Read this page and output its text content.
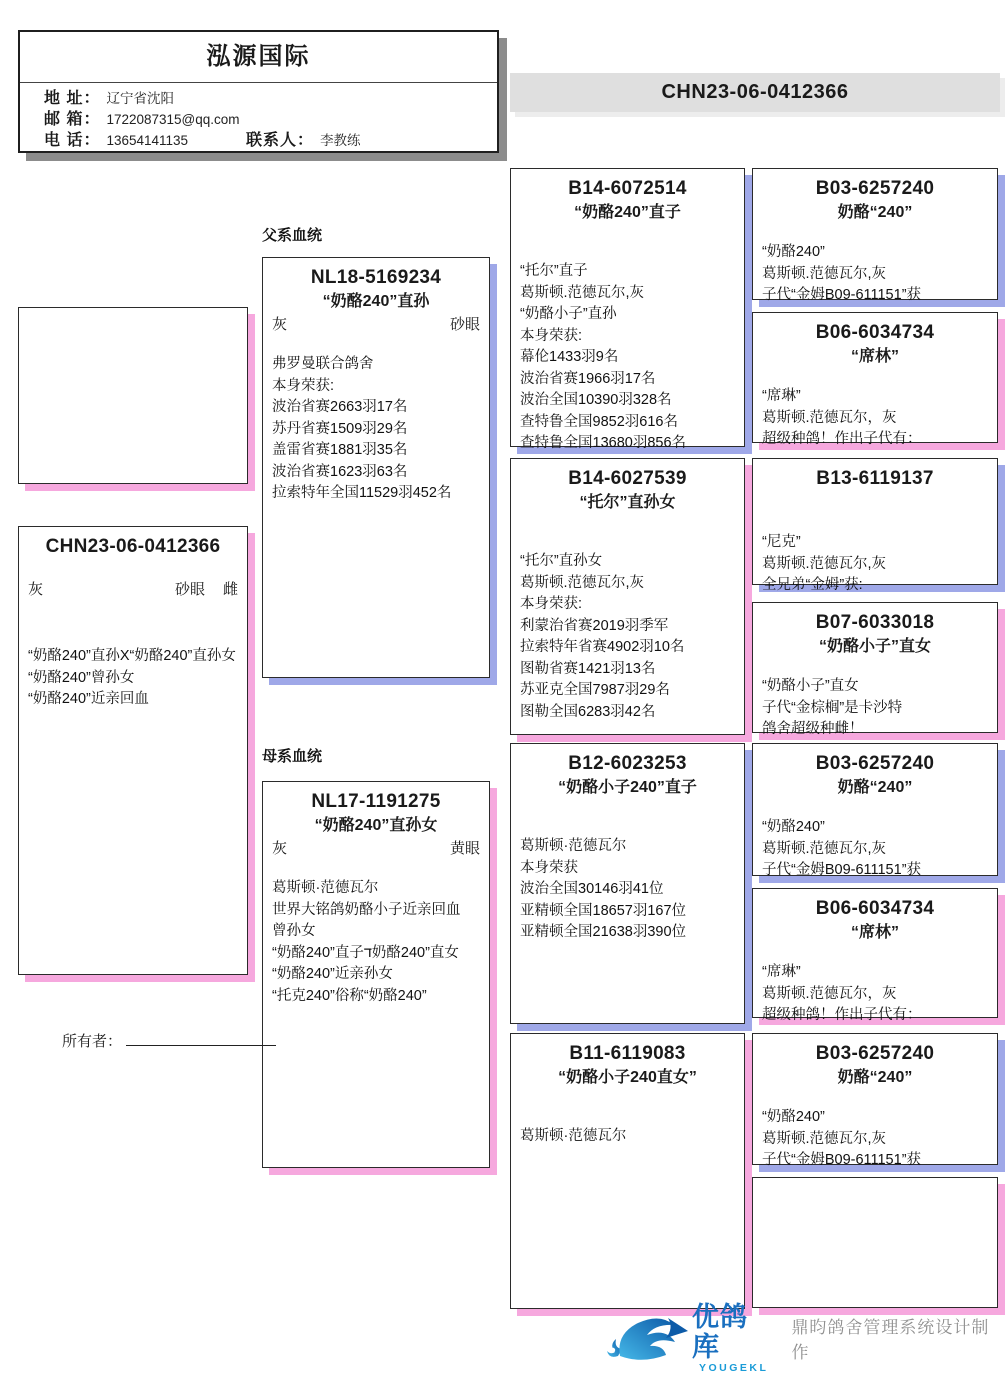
泓源国际
地 址： 辽宁省沈阳
邮 箱： 1722087315@qq.com
电 话： 13654141135	联系人： 李教练
CHN23-06-0412366
CHN23-06-0412366
灰	砂眼 雌
“奶酪240”直孙X“奶酪240”直孙女
“奶酪240”曾孙女
“奶酪240”近亲回血
父系血统
NL18-5169234
“奶酪240”直孙
灰	砂眼
弗罗曼联合鸽舍
本身荣获:
波治省赛2663羽17名
苏丹省赛1509羽29名
盖雷省赛1881羽35名
波治省赛1623羽63名
拉索特年全国11529羽452名
母系血统
NL17-1191275
“奶酪240”直孙女
灰	黄眼
葛斯顿·范德瓦尔
世界大铭鸽奶酪小子近亲回血
曾孙女
“奶酪240”直子ד奶酪240”直女
“奶酪240”近亲孙女
“托克240”俗称“奶酪240”
所有者：
B14-6072514
“奶酪240”直子
“托尔”直子
葛斯顿.范德瓦尔,灰
“奶酪小子”直孙
本身荣获:
幕伦1433羽9名
波治省赛1966羽17名
波治全国10390羽328名
查特鲁全国9852羽616名
查特鲁全国13680羽856名
B14-6027539
“托尔”直孙女
“托尔”直孙女
葛斯顿.范德瓦尔,灰
本身荣获:
利蒙治省赛2019羽季军
拉索特年省赛4902羽10名
图勒省赛1421羽13名
苏亚克全国7987羽29名
图勒全国6283羽42名
B12-6023253
“奶酪小子240”直子
葛斯顿·范德瓦尔
本身荣获
波治全国30146羽41位
亚精顿全国18657羽167位
亚精顿全国21638羽390位
B11-6119083
“奶酪小子240直女”
葛斯顿·范德瓦尔
B03-6257240
奶酪“240”
“奶酪240”
葛斯顿.范德瓦尔,灰
子代“金姆B09-611151”获
B06-6034734
“席林”
“席琳”
葛斯顿.范德瓦尔，灰
超级种鸽！作出子代有：
B13-6119137
“尼克”
葛斯顿.范德瓦尔,灰
全兄弟“金姆”获:
B07-6033018
“奶酪小子”直女
“奶酪小子”直女
子代“金棕榈”是卡沙特
鸽舍超级种雌！
B03-6257240
奶酪“240”
“奶酪240”
葛斯顿.范德瓦尔,灰
子代“金姆B09-611151”获
B06-6034734
“席林”
“席琳”
葛斯顿.范德瓦尔，灰
超级种鸽！作出子代有：
B03-6257240
奶酪“240”
“奶酪240”
葛斯顿.范德瓦尔,灰
子代“金姆B09-611151”获
优鸽库
YOUGEKL
鼎昀鸽舍管理系统设计制作
